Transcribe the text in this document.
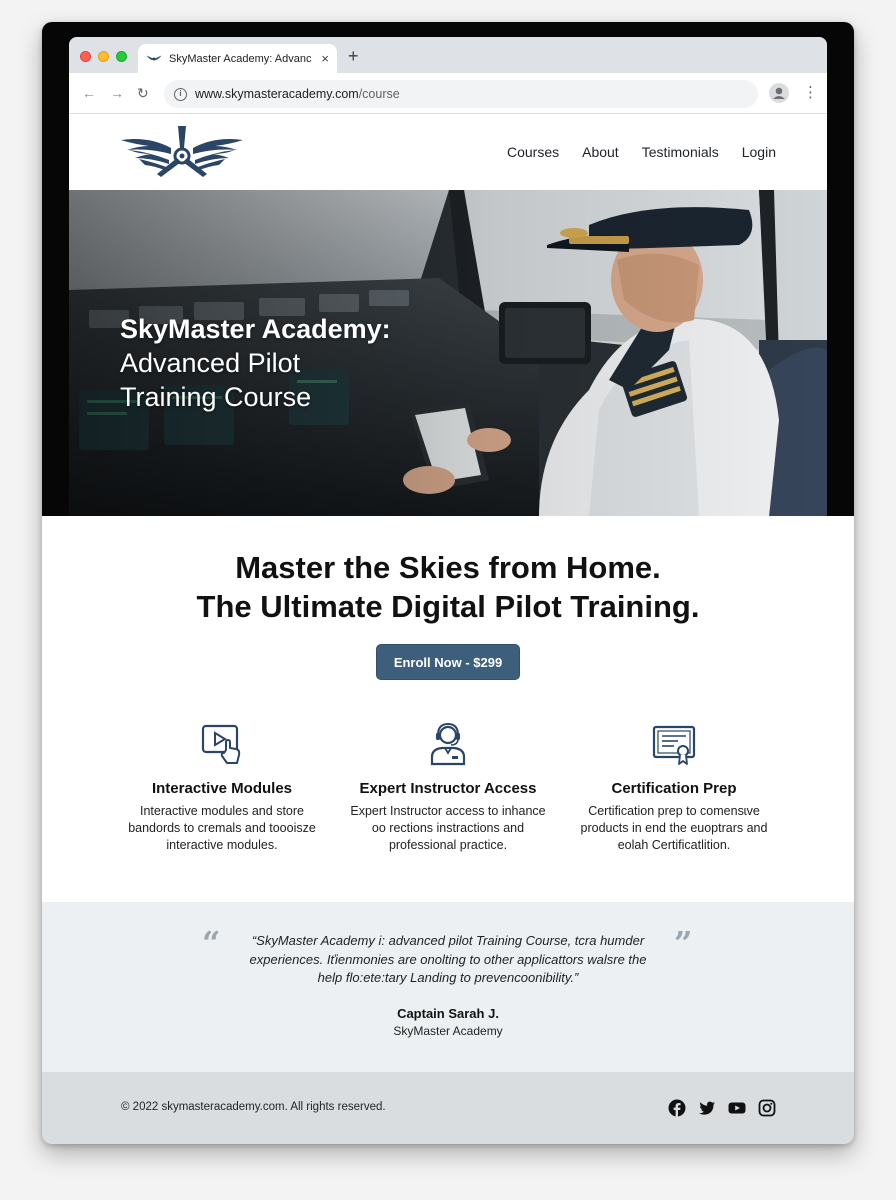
SkyMaster Academy: Advanc × +
← → ↻	i	www.skymasteracademy.com /course	⋮
Courses About Testimonials Login
SkyMaster Academy:
Advanced Pilot
Training Course
Master the Skies from Home.
The Ultimate Digital Pilot Training.
Enroll Now - $299
Interactive Modules

Interactive modules and store
bandords to cremals and tooоisze
interactive modules.

Expert Instructor Access

Expert Instructor access to inhance
oo rections instractions and
professional practice.

Certification Prep

Certification prep to comensɩve
products in end the euoptrars and
eolah Certificatlition.

“	”
“SkyMaster Academy i: advanced pilot Training Course, tcra humder
experiences. Iťienmonies are onolting to other applicattors walsre the
help flo:ete:tary Landing to prevencoonibility.”
Captain Sarah J.
SkyMaster Academy
© 2022 skymasteracademy.com. All rights reserved.
